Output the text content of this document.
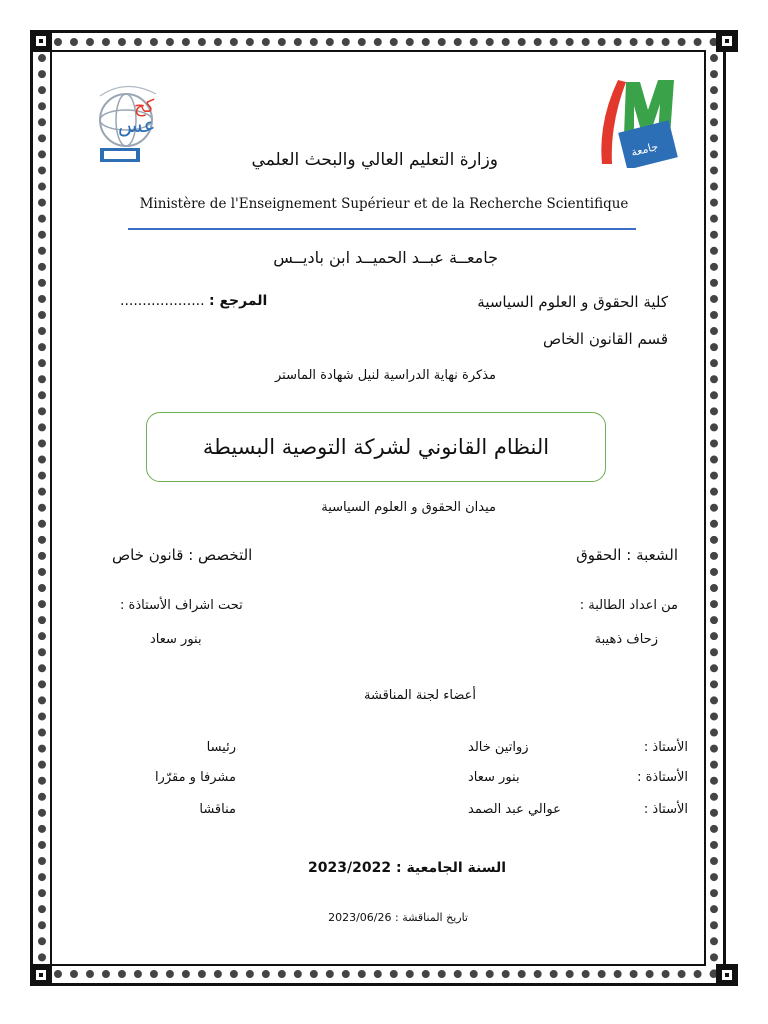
كح
عس
جامعة
وزارة التعليم العالي والبحث العلمي
Ministère de l'Enseignement Supérieur et de la Recherche Scientifique
جامعــة عبــد الحميــد ابن باديــس
كلية الحقوق و العلوم السياسية
المرجع : ...................
قسم القانون الخاص
مذكرة نهاية الدراسية لنيل شهادة الماستر
النظام القانوني لشركة التوصية البسيطة
ميدان الحقوق و العلوم السياسية
الشعبة : الحقوق
التخصص : قانون خاص
من اعداد الطالبة :
تحت اشراف الأستاذة :
زحاف ذهيبة
بنور سعاد
أعضاء لجنة المناقشة
الأستاذ :
زواتين خالد
رئيسا
الأستاذة :
بنور سعاد
مشرفا و مقرّرا
الأستاذ :
عوالي عبد الصمد
مناقشا
السنة الجامعية : 2023/2022
تاريخ المناقشة : 2023/06/26
